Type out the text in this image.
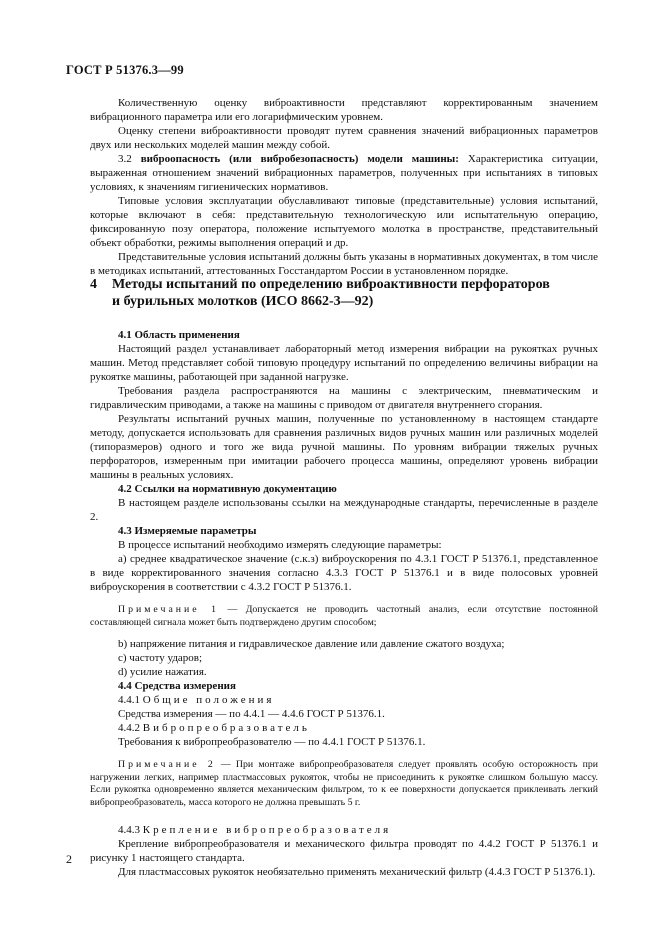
ГОСТ Р 51376.3—99

Количественную оценку виброактивности представляют корректированным значением вибрационного параметра или его логарифмическим уровнем.

Оценку степени виброактивности проводят путем сравнения значений вибрационных параметров двух или нескольких моделей машин между собой.

3.2 виброопасность (или вибробезопасность) модели машины: Характеристика ситуации, выраженная отношением значений вибрационных параметров, полученных при испытаниях в типовых условиях, к значениям гигиенических нормативов.

Типовые условия эксплуатации обуславливают типовые (представительные) условия испытаний, которые включают в себя: представительную технологическую или испытательную операцию, фиксированную позу оператора, положение испытуемого молотка в пространстве, представительный объект обработки, режимы выполнения операций и др.

Представительные условия испытаний должны быть указаны в нормативных документах, в том числе в методиках испытаний, аттестованных Госстандартом России в установленном порядке.

4 Методы испытаний по определению виброактивности перфораторов
и бурильных молотков (ИСО 8662-3—92)

4.1 Область применения

Настоящий раздел устанавливает лабораторный метод измерения вибрации на рукоятках ручных машин. Метод представляет собой типовую процедуру испытаний по определению величины вибрации на рукоятке машины, работающей при заданной нагрузке.

Требования раздела распространяются на машины с электрическим, пневматическим и гидравлическим приводами, а также на машины с приводом от двигателя внутреннего сгорания.

Результаты испытаний ручных машин, полученные по установленному в настоящем стандарте методу, допускается использовать для сравнения различных видов ручных машин или различных моделей (типоразмеров) одного и того же вида ручной машины. По уровням вибрации тяжелых ручных перфораторов, измеренным при имитации рабочего процесса машины, определяют уровень вибрации машины в реальных условиях.

4.2 Ссылки на нормативную документацию

В настоящем разделе использованы ссылки на международные стандарты, перечисленные в разделе 2.

4.3 Измеряемые параметры

В процессе испытаний необходимо измерять следующие параметры:

а) среднее квадратическое значение (с.к.з) виброускорения по 4.3.1 ГОСТ Р 51376.1, представленное в виде корректированного значения согласно 4.3.3 ГОСТ Р 51376.1 и в виде полосовых уровней виброускорения в соответствии с 4.3.2 ГОСТ Р 51376.1.

Примечание 1 — Допускается не проводить частотный анализ, если отсутствие постоянной составляющей сигнала может быть подтверждено другим способом;

b) напряжение питания и гидравлическое давление или давление сжатого воздуха;

c) частоту ударов;

d) усилие нажатия.

4.4 Средства измерения

4.4.1 Общие положения

Средства измерения — по 4.4.1 — 4.4.6 ГОСТ Р 51376.1.

4.4.2 Вибропреобразователь

Требования к вибропреобразователю — по 4.4.1 ГОСТ Р 51376.1.

Примечание 2 — При монтаже вибропреобразователя следует проявлять особую осторожность при нагружении легких, например пластмассовых рукояток, чтобы не присоединить к рукоятке слишком большую массу. Если рукоятка одновременно является механическим фильтром, то к ее поверхности допускается приклеивать легкий вибропреобразователь, масса которого не должна превышать 5 г.

4.4.3 Крепление вибропреобразователя

Крепление вибропреобразователя и механического фильтра проводят по 4.4.2 ГОСТ Р 51376.1 и рисунку 1 настоящего стандарта.

Для пластмассовых рукояток необязательно применять механический фильтр (4.4.3 ГОСТ Р 51376.1).

2
